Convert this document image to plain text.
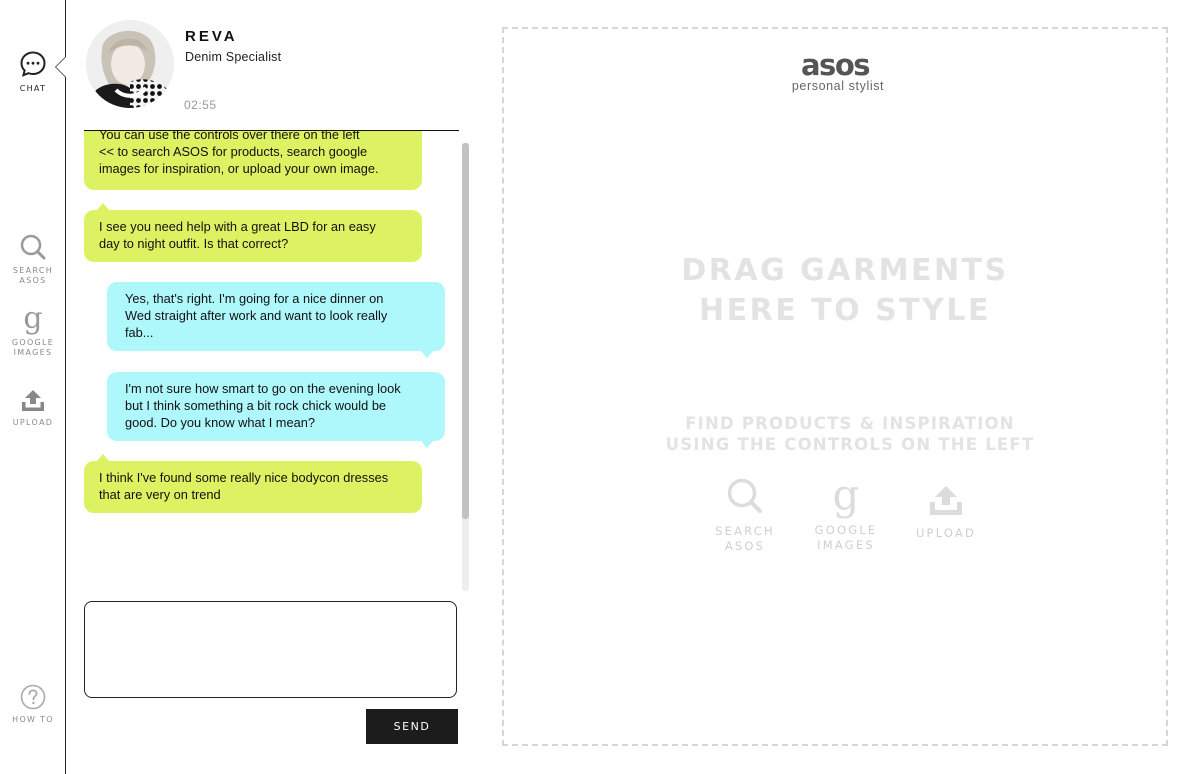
CHAT
SEARCH
ASOS
g
GOOGLE
IMAGES
UPLOAD
HOW TO
REVA
Denim Specialist
02:55
You can use the controls over there on the left
<< to search ASOS for products, search google
images for inspiration, or upload your own image.
I see you need help with a great LBD for an easy
day to night outfit. Is that correct?
Yes, that's right. I'm going for a nice dinner on
Wed straight after work and want to look really
fab...
I'm not sure how smart to go on the evening look
but I think something a bit rock chick would be
good. Do you know what I mean?
I think I've found some really nice bodycon dresses
that are very on trend
SEND
asos
personal stylist
DRAG GARMENTS
HERE TO STYLE
FIND PRODUCTS & INSPIRATION
USING THE CONTROLS ON THE LEFT
SEARCH
ASOS
g
GOOGLE
IMAGES
UPLOAD
